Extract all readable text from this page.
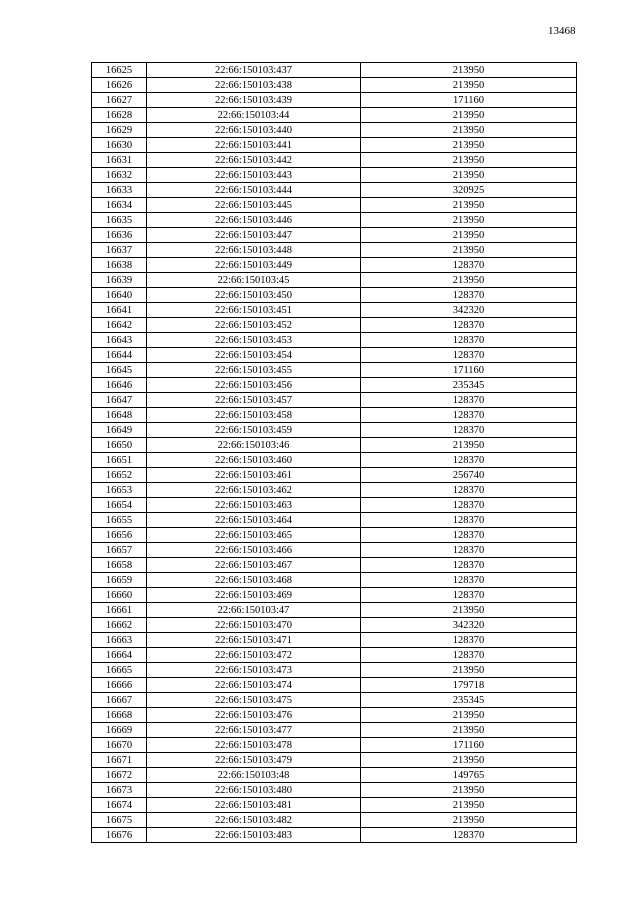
13468
16625	22:66:150103:437	213950
16626	22:66:150103:438	213950
16627	22:66:150103:439	171160
16628	22:66:150103:44	213950
16629	22:66:150103:440	213950
16630	22:66:150103:441	213950
16631	22:66:150103:442	213950
16632	22:66:150103:443	213950
16633	22:66:150103:444	320925
16634	22:66:150103:445	213950
16635	22:66:150103:446	213950
16636	22:66:150103:447	213950
16637	22:66:150103:448	213950
16638	22:66:150103:449	128370
16639	22:66:150103:45	213950
16640	22:66:150103:450	128370
16641	22:66:150103:451	342320
16642	22:66:150103:452	128370
16643	22:66:150103:453	128370
16644	22:66:150103:454	128370
16645	22:66:150103:455	171160
16646	22:66:150103:456	235345
16647	22:66:150103:457	128370
16648	22:66:150103:458	128370
16649	22:66:150103:459	128370
16650	22:66:150103:46	213950
16651	22:66:150103:460	128370
16652	22:66:150103:461	256740
16653	22:66:150103:462	128370
16654	22:66:150103:463	128370
16655	22:66:150103:464	128370
16656	22:66:150103:465	128370
16657	22:66:150103:466	128370
16658	22:66:150103:467	128370
16659	22:66:150103:468	128370
16660	22:66:150103:469	128370
16661	22:66:150103:47	213950
16662	22:66:150103:470	342320
16663	22:66:150103:471	128370
16664	22:66:150103:472	128370
16665	22:66:150103:473	213950
16666	22:66:150103:474	179718
16667	22:66:150103:475	235345
16668	22:66:150103:476	213950
16669	22:66:150103:477	213950
16670	22:66:150103:478	171160
16671	22:66:150103:479	213950
16672	22:66:150103:48	149765
16673	22:66:150103:480	213950
16674	22:66:150103:481	213950
16675	22:66:150103:482	213950
16676	22:66:150103:483	128370
